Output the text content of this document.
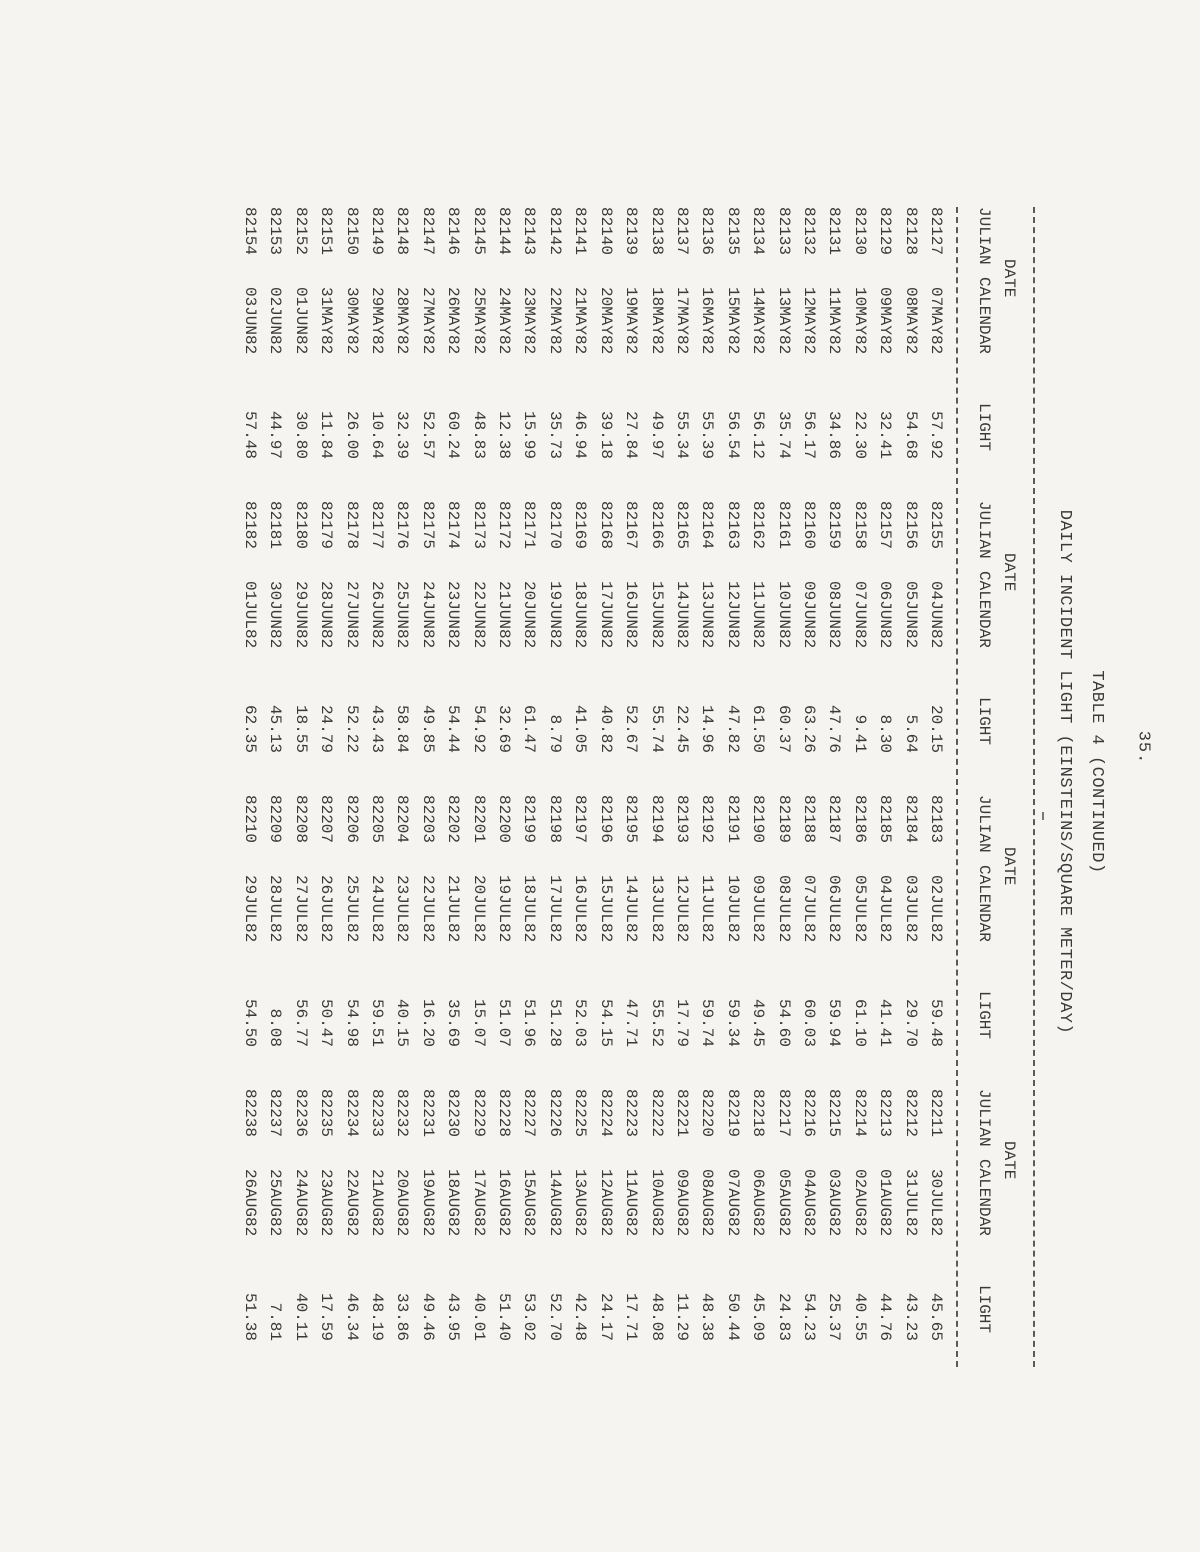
35.
TABLE 4 (CONTINUED)
DAILY INCIDENT LIGHT (EINSTEINS/SQUARE METER/DAY)
DATE
JULIAN
CALENDAR
LIGHT
DATE
JULIAN
CALENDAR
LIGHT
DATE
JULIAN
CALENDAR
LIGHT
DATE
JULIAN
CALENDAR
LIGHT
82127	07MAY82	57.92		82155	04JUN82	20.15		82183	02JUL82	59.48		82211	30JUL82	45.65
82128	08MAY82	54.68		82156	05JUN82	5.64		82184	03JUL82	29.70		82212	31JUL82	43.23
82129	09MAY82	32.41		82157	06JUN82	8.30		82185	04JUL82	41.41		82213	01AUG82	44.76
82130	10MAY82	22.30		82158	07JUN82	9.41		82186	05JUL82	61.10		82214	02AUG82	40.55
82131	11MAY82	34.86		82159	08JUN82	47.76		82187	06JUL82	59.94		82215	03AUG82	25.37
82132	12MAY82	56.17		82160	09JUN82	63.26		82188	07JUL82	60.03		82216	04AUG82	54.23
82133	13MAY82	35.74		82161	10JUN82	60.37		82189	08JUL82	54.60		82217	05AUG82	24.83
82134	14MAY82	56.12		82162	11JUN82	61.50		82190	09JUL82	49.45		82218	06AUG82	45.09
82135	15MAY82	56.54		82163	12JUN82	47.82		82191	10JUL82	59.34		82219	07AUG82	50.44
82136	16MAY82	55.39		82164	13JUN82	14.96		82192	11JUL82	59.74		82220	08AUG82	48.38
82137	17MAY82	55.34		82165	14JUN82	22.45		82193	12JUL82	17.79		82221	09AUG82	11.29
82138	18MAY82	49.97		82166	15JUN82	55.74		82194	13JUL82	55.52		82222	10AUG82	48.08
82139	19MAY82	27.84		82167	16JUN82	52.67		82195	14JUL82	47.71		82223	11AUG82	17.71
82140	20MAY82	39.18		82168	17JUN82	40.82		82196	15JUL82	54.15		82224	12AUG82	24.17
82141	21MAY82	46.94		82169	18JUN82	41.05		82197	16JUL82	52.03		82225	13AUG82	42.48
82142	22MAY82	35.73		82170	19JUN82	8.79		82198	17JUL82	51.28		82226	14AUG82	52.70
82143	23MAY82	15.99		82171	20JUN82	61.47		82199	18JUL82	51.96		82227	15AUG82	53.02
82144	24MAY82	12.38		82172	21JUN82	32.69		82200	19JUL82	51.07		82228	16AUG82	51.40
82145	25MAY82	48.83		82173	22JUN82	54.92		82201	20JUL82	15.07		82229	17AUG82	40.01
82146	26MAY82	60.24		82174	23JUN82	54.44		82202	21JUL82	35.69		82230	18AUG82	43.95
82147	27MAY82	52.57		82175	24JUN82	49.85		82203	22JUL82	16.20		82231	19AUG82	49.46
82148	28MAY82	32.39		82176	25JUN82	58.84		82204	23JUL82	40.15		82232	20AUG82	33.86
82149	29MAY82	10.64		82177	26JUN82	43.43		82205	24JUL82	59.51		82233	21AUG82	48.19
82150	30MAY82	26.00		82178	27JUN82	52.22		82206	25JUL82	54.98		82234	22AUG82	46.34
82151	31MAY82	11.84		82179	28JUN82	24.79		82207	26JUL82	50.47		82235	23AUG82	17.59
82152	01JUN82	30.80		82180	29JUN82	18.55		82208	27JUL82	56.77		82236	24AUG82	40.11
82153	02JUN82	44.97		82181	30JUN82	45.13		82209	28JUL82	8.08		82237	25AUG82	7.81
82154	03JUN82	57.48		82182	01JUL82	62.35		82210	29JUL82	54.50		82238	26AUG82	51.38
